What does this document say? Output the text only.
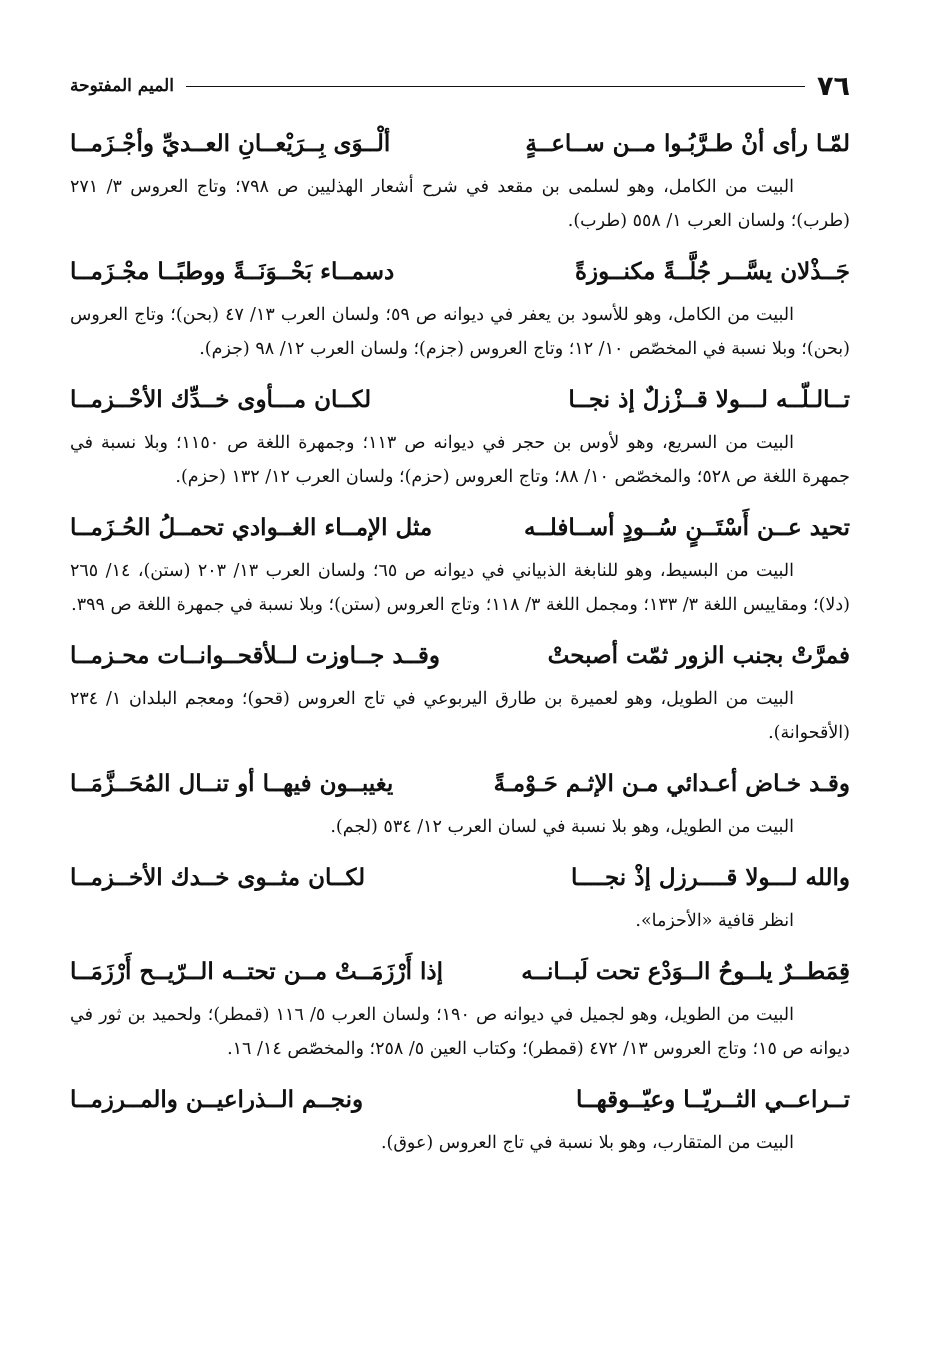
٧٦
الميم المفتوحة
لمّـا رأى أنْ طـرَّبُـوا مــن ســاعــةٍ
ألْــوَى بِــرَيْعــانِ العــديِّ وأجْـزَمــا
البيت من الكامل، وهو لسلمى بن مقعد في شرح أشعار الهذليين ص ٧٩٨؛ وتاج العروس ٣/ ٢٧١ (طرب)؛ ولسان العرب ١/ ٥٥٨ (طرب).
جَــذْلان يسَّــر جُلَّــةً مكنــوزةً
دسمــاء بَحْــوَنَــةً ووطبًــا مجْـزَمــا
البيت من الكامل، وهو للأسود بن يعفر في ديوانه ص ٥٩؛ ولسان العرب ١٣/ ٤٧ (بحن)؛ وتاج العروس (بحن)؛ وبلا نسبة في المخصّص ١٠/ ١٢؛ وتاج العروس (جزم)؛ ولسان العرب ١٢/ ٩٨ (جزم).
تــالـلّــه لـــولا قــزْزلٌ إذ نجــا
لكــان مـــأوى خــدِّك الأحْــزمــا
البيت من السريع، وهو لأوس بن حجر في ديوانه ص ١١٣؛ وجمهرة اللغة ص ١١٥٠؛ وبلا نسبة في جمهرة اللغة ص ٥٢٨؛ والمخصّص ١٠/ ٨٨؛ وتاج العروس (حزم)؛ ولسان العرب ١٢/ ١٣٢ (حزم).
تحيد عــن أَسْتَــنٍ سُــودٍ أســافلــه
مثل الإمــاء الغــوادي تحمــلُ الحُـزَمــا
البيت من البسيط، وهو للنابغة الذبياني في ديوانه ص ٦٥؛ ولسان العرب ١٣/ ٢٠٣ (ستن)، ١٤/ ٢٦٥ (دلا)؛ ومقاييس اللغة ٣/ ١٣٣؛ ومجمل اللغة ٣/ ١١٨؛ وتاج العروس (ستن)؛ وبلا نسبة في جمهرة اللغة ص ٣٩٩.
فمرَّتْ بجنب الزور ثمّت أصبحتْ
وقــد جــاوزت لــلأقحــوانــات محـزمــا
البيت من الطويل، وهو لعميرة بن طارق اليربوعي في تاج العروس (قحو)؛ ومعجم البلدان ١/ ٢٣٤ (الأقحوانة).
وقـد خـاض أعـدائي مـن الإثـم حَـوْمـةً
يغيبــون فيهــا أو تنــال المُحَــزَّمَــا
البيت من الطويل، وهو بلا نسبة في لسان العرب ١٢/ ٥٣٤ (لجم).
والله لـــولا قــــرزل إذْ نجــــا
لكــان مثــوى خــدك الأخــزمــا
انظر قافية «الأحزما».
قِمَطــرٌ يلــوحُ الــوَدْع تحت لَبــانــه
إذا أَرْزَمَــتْ مــن تحتــه الــرّيــح أَرْزَمَــا
البيت من الطويل، وهو لجميل في ديوانه ص ١٩٠؛ ولسان العرب ٥/ ١١٦ (قمطر)؛ ولحميد بن ثور في ديوانه ص ١٥؛ وتاج العروس ١٣/ ٤٧٢ (قمطر)؛ وكتاب العين ٥/ ٢٥٨؛ والمخصّص ١٤/ ١٦.
تــراعــي الثــريّــا وعيّــوقهــا
ونجــم الــذراعيــن والمــرزمــا
البيت من المتقارب، وهو بلا نسبة في تاج العروس (عوق).
